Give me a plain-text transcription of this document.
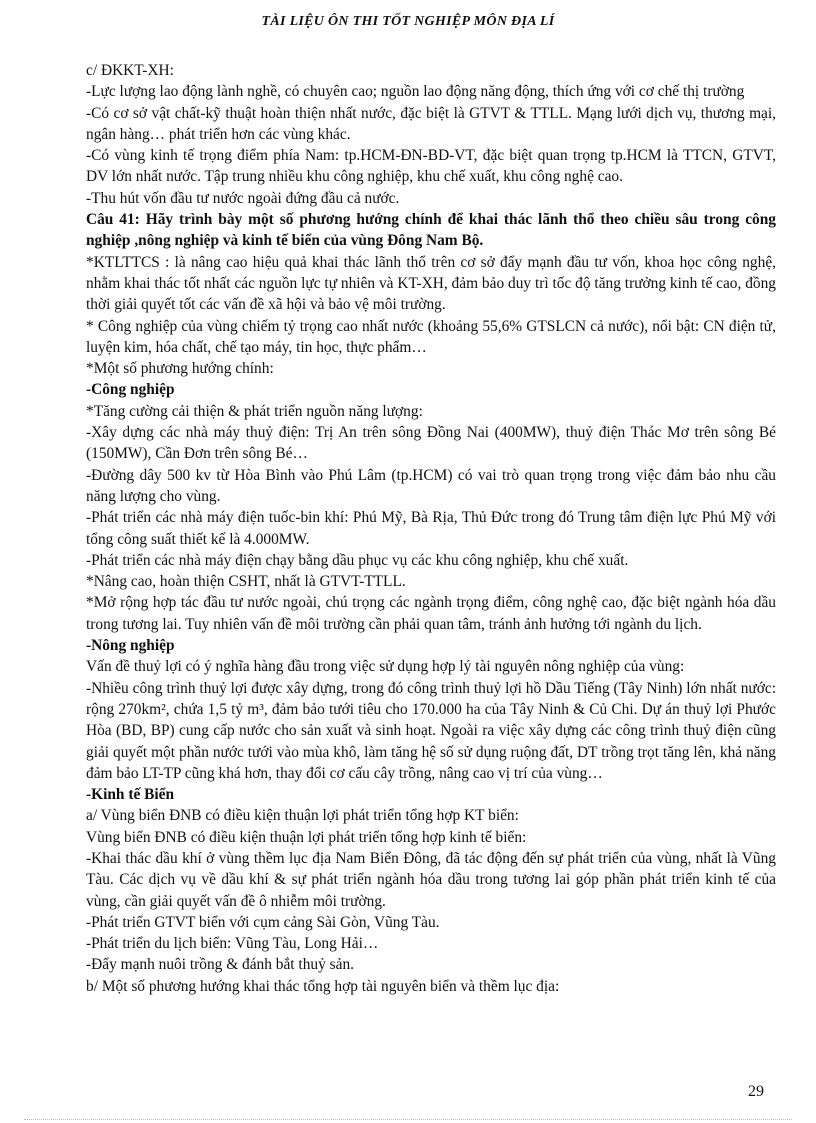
TÀI LIỆU ÔN THI TỐT NGHIỆP MÔN ĐỊA LÍ

c/ ĐKKT-XH:

-Lực lượng lao động lành nghề, có chuyên cao; nguồn lao động năng động, thích ứng với cơ chế thị trường

-Có cơ sở vật chất-kỹ thuật hoàn thiện nhất nước, đặc biệt là GTVT & TTLL. Mạng lưới dịch vụ, thương mại, ngân hàng… phát triển hơn các vùng khác.

-Có vùng kinh tế trọng điểm phía Nam: tp.HCM-ĐN-BD-VT, đặc biệt quan trọng tp.HCM là TTCN, GTVT, DV lớn nhất nước. Tập trung nhiều khu công nghiệp, khu chế xuất, khu công nghệ cao.

-Thu hút vốn đầu tư nước ngoài đứng đầu cả nước.

Câu 41: Hãy trình bày một số phương hướng chính để khai thác lãnh thổ theo chiều sâu trong công nghiệp ,nông nghiệp và kinh tế biển của vùng Đông Nam Bộ.

*KTLTTCS : là nâng cao hiệu quả khai thác lãnh thổ trên cơ sở đẩy mạnh đầu tư vốn, khoa học công nghệ, nhằm khai thác tốt nhất các nguồn lực tự nhiên và KT-XH, đảm bảo duy trì tốc độ tăng trưởng kinh tế cao, đồng thời giải quyết tốt các vấn đề xã hội và bảo vệ môi trường.

* Công nghiệp của vùng chiếm tỷ trọng cao nhất nước (khoảng 55,6% GTSLCN cả nước), nổi bật: CN điện tử, luyện kim, hóa chất, chế tạo máy, tin học, thực phẩm…

*Một số phương hướng chính:

-Công nghiệp

*Tăng cường cải thiện & phát triển nguồn năng lượng:

-Xây dựng các nhà máy thuỷ điện: Trị An trên sông Đồng Nai (400MW), thuỷ điện Thác Mơ trên sông Bé (150MW), Cần Đơn trên sông Bé…

-Đường dây 500 kv từ Hòa Bình vào Phú Lâm (tp.HCM) có vai trò quan trọng trong việc đảm bảo nhu cầu năng lượng cho vùng.

-Phát triển các nhà máy điện tuốc-bin khí: Phú Mỹ, Bà Rịa, Thủ Đức trong đó Trung tâm điện lực Phú Mỹ với tổng công suất thiết kế là 4.000MW.

-Phát triển các nhà máy điện chạy bằng dầu phục vụ các khu công nghiệp, khu chế xuất.

*Nâng cao, hoàn thiện CSHT, nhất là GTVT-TTLL.

*Mở rộng hợp tác đầu tư nước ngoài, chú trọng các ngành trọng điểm, công nghệ cao, đặc biệt ngành hóa dầu trong tương lai. Tuy nhiên vấn đề môi trường cần phải quan tâm, tránh ảnh hưởng tới ngành du lịch.

-Nông nghiệp

Vấn đề thuỷ lợi có ý nghĩa hàng đầu trong việc sử dụng hợp lý tài nguyên nông nghiệp của vùng:

-Nhiều công trình thuỷ lợi được xây dựng, trong đó công trình thuỷ lợi hồ Dầu Tiếng (Tây Ninh) lớn nhất nước: rộng 270km², chứa 1,5 tỷ m³, đảm bảo tưới tiêu cho 170.000 ha của Tây Ninh & Củ Chi. Dự án thuỷ lợi Phước Hòa (BD, BP) cung cấp nước cho sản xuất và sinh hoạt. Ngoài ra việc xây dựng các công trình thuỷ điện cũng giải quyết một phần nước tưới vào mùa khô, làm tăng hệ số sử dụng ruộng đất, DT trồng trọt tăng lên, khả năng đảm bảo LT-TP cũng khá hơn, thay đổi cơ cấu cây trồng, nâng cao vị trí của vùng…

-Kinh tế Biển

a/ Vùng biển ĐNB có điều kiện thuận lợi phát triển tổng hợp KT biển:

Vùng biển ĐNB có điều kiện thuận lợi phát triển tổng hợp kinh tế biển:

-Khai thác dầu khí ở vùng thềm lục địa Nam Biển Đông, đã tác động đến sự phát triển của vùng, nhất là Vũng Tàu. Các dịch vụ về dầu khí & sự phát triển ngành hóa dầu trong tương lai góp phần phát triển kinh tế của vùng, cần giải quyết vấn đề ô nhiễm môi trường.

-Phát triển GTVT biển với cụm cảng Sài Gòn, Vũng Tàu.

-Phát triển du lịch biển: Vũng Tàu, Long Hải…

-Đẩy mạnh nuôi trồng & đánh bắt thuỷ sản.

b/ Một số phương hướng khai thác tổng hợp tài nguyên biển và thềm lục địa:

29
